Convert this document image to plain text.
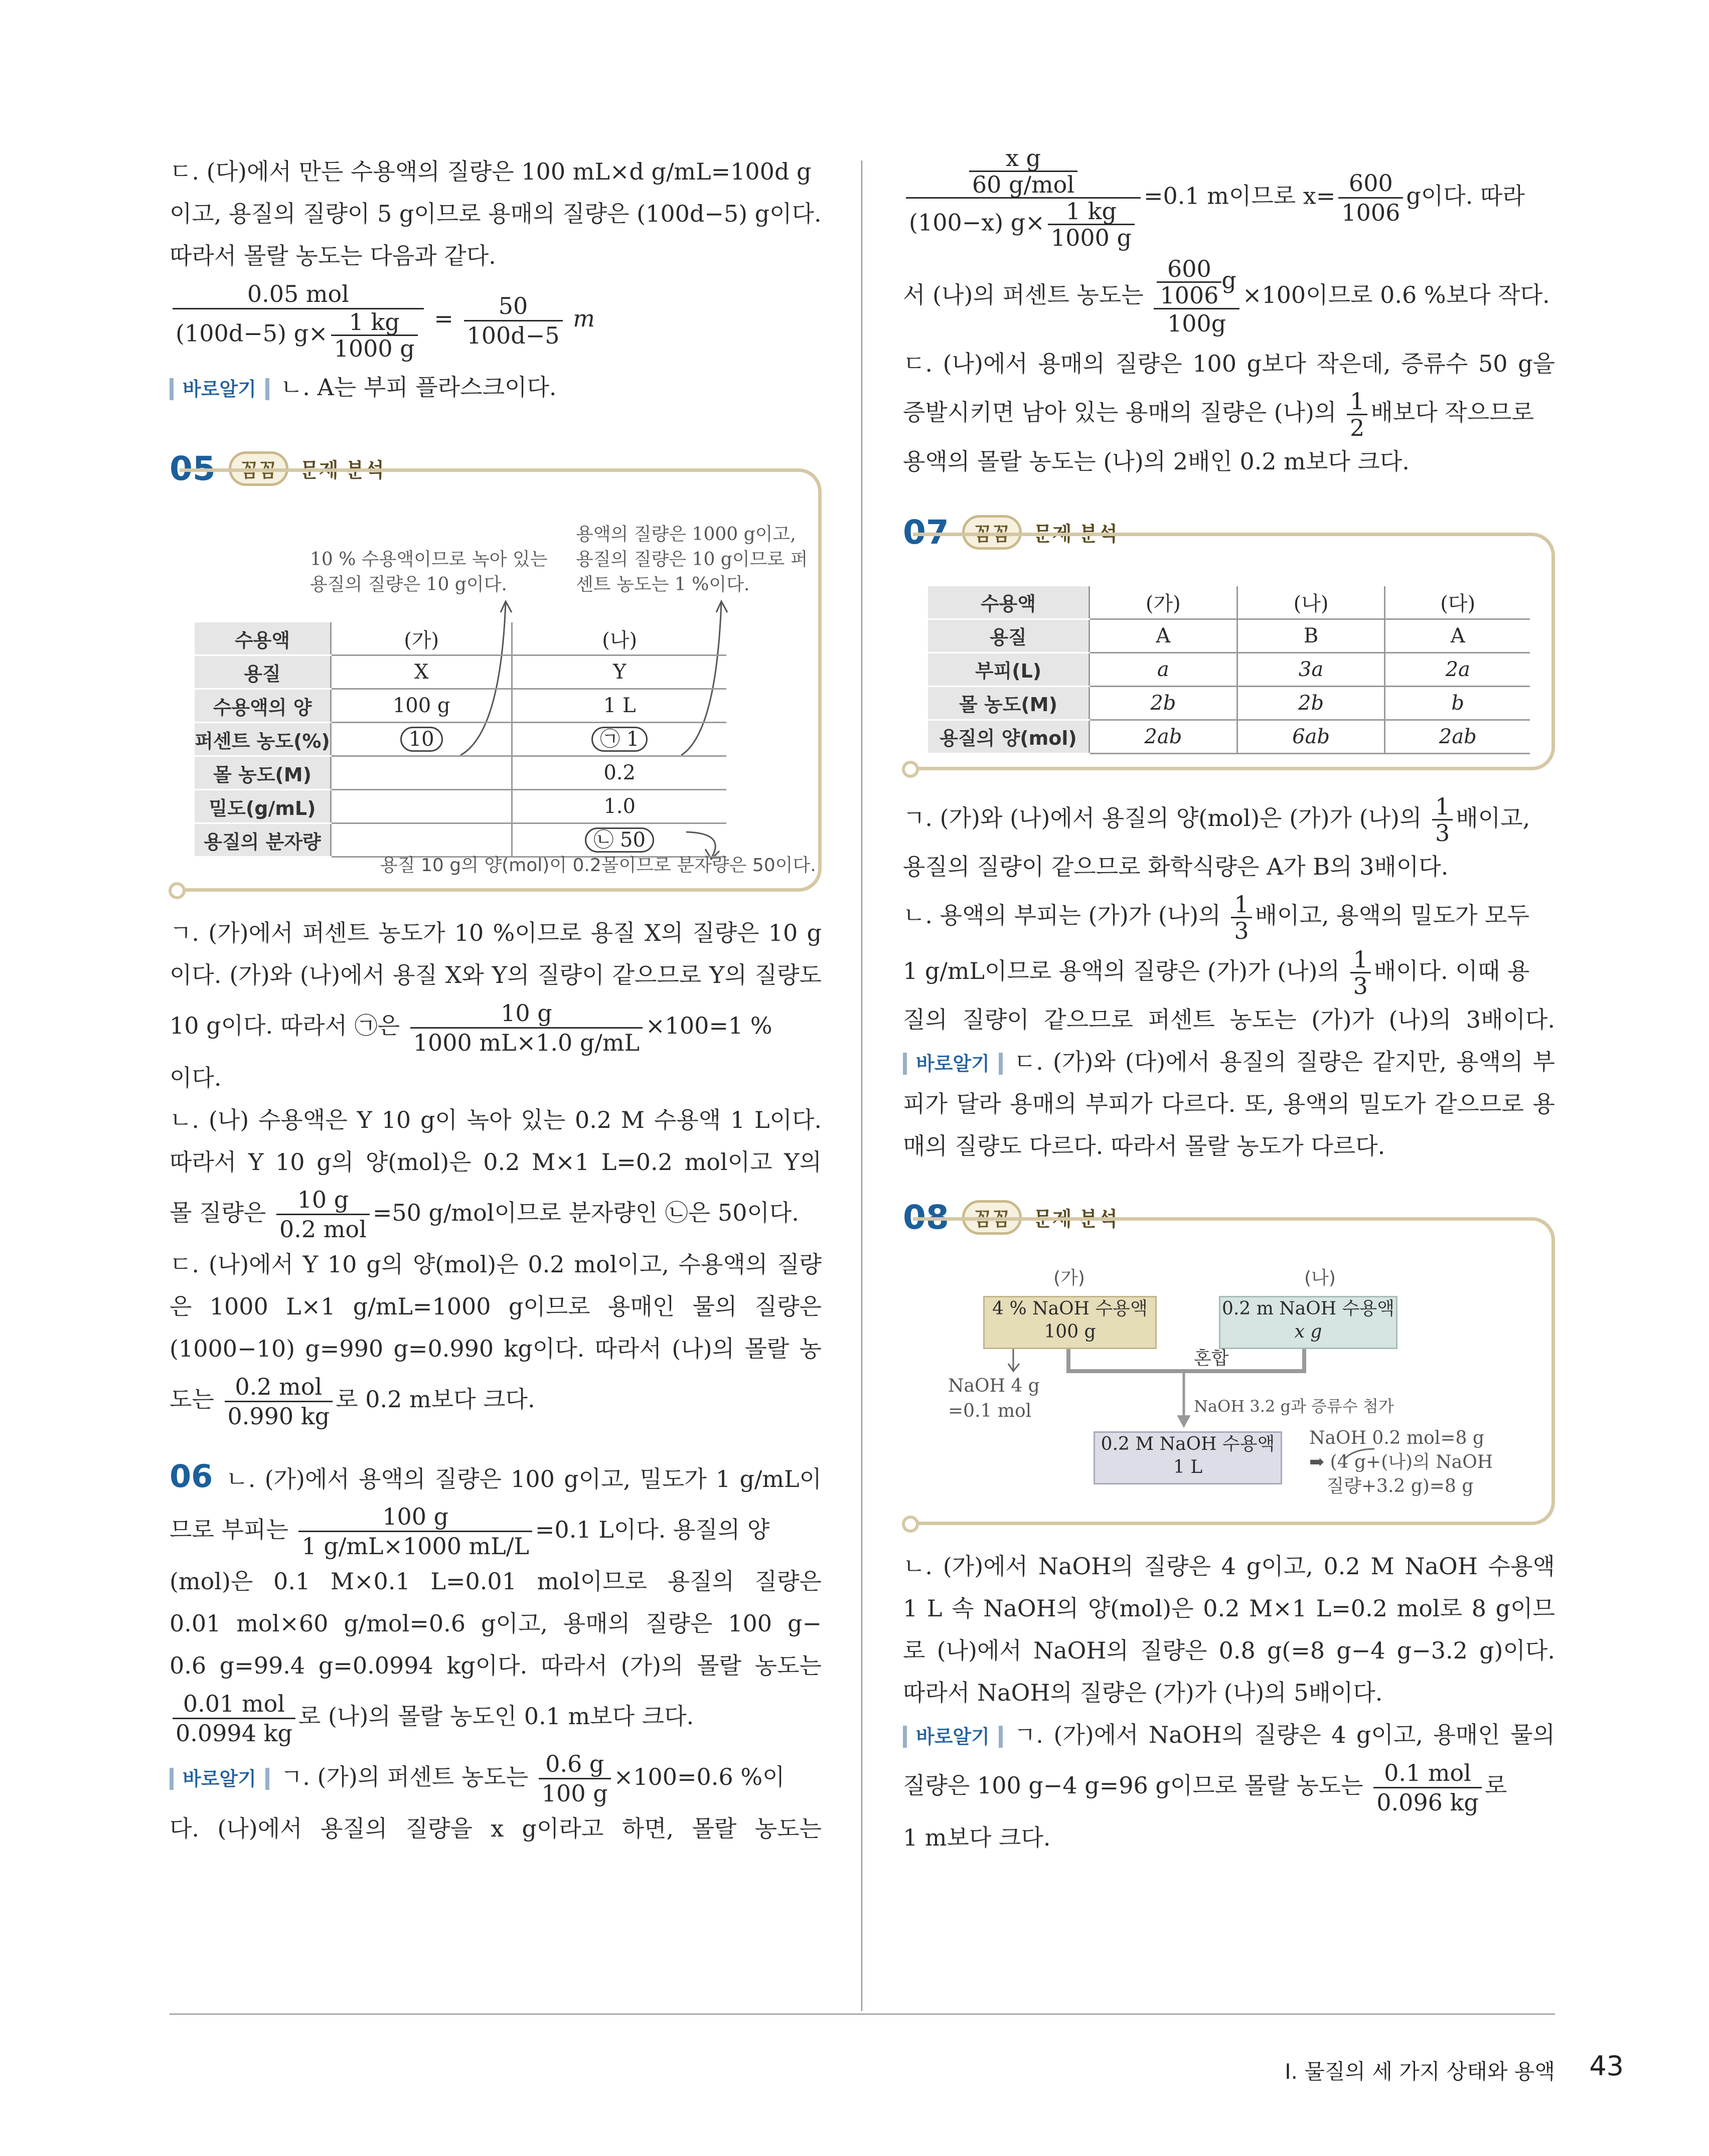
ㄷ. (다)에서 만든 수용액의 질량은 100 mL×d g/mL=100d g

이고, 용질의 질량이 5 g이므로 용매의 질량은 (100d−5) g이다.

따라서 몰랄 농도는 다음과 같다.

0.05 mol
(100d−5) $g\times \frac{1 kg}{1000 g} = \frac{50}{100d-5}$ m

바로알기 ㄴ. A는 부피 플라스크이다.

05	꼼꼼	문제 분석
10 % 수용액이므로 녹아 있는
용질의 질량은 10 g이다.
용액의 질량은 1000 g이고,
용질의 질량은 10 g이므로 퍼
센트 농도는 1 %이다.
수용액	(가)	(나)
용질	X	Y
수용액의 양	100 g	1 L
퍼센트 농도(%)	10	㉠ 1
몰 농도(M)		0.2
밀도(g/mL)		1.0
용질의 분자량		㉡ 50
용질 10 g의 양(mol)이 0.2몰이므로 분자량은 50이다.

ㄱ. (가)에서 퍼센트 농도가 10 %이므로 용질 X의 질량은 10 g

이다. (가)와 (나)에서 용질 X와 Y의 질량이 같으므로 Y의 질량도

10 g이다. 따라서 ㉠은 $\frac{10 g}{1000 mL\times 1.0 g/mL} \times 100=1$ %

이다.

ㄴ. (나) 수용액은 Y 10 g이 녹아 있는 0.2 M 수용액 1 L이다.

따라서 Y 10 g의 양(mol)은 0.2 M×1 L=0.2 mol이고 Y의

몰 질량은	10 g
0.2 mol
=50 g/mol이므로 분자량인 ㉡은 50이다.

ㄷ. (나)에서 Y 10 g의 양(mol)은 0.2 mol이고, 수용액의 질량

은 1000 L×1 g/mL=1000 g이므로 용매인 물의 질량은

(1000−10) g=990 g=0.990 kg이다. 따라서 (나)의 몰랄 농

도는 0.2 mol
0.990 kg
로 0.2 m보다 크다.

06 ㄴ. (가)에서 용액의 질량은 100 g이고, 밀도가 1 g/mL이

므로 부피는 $\frac{100 g}{1 g/mL\times 1000 mL/L} =0.1$ L이다. 용질의 양

(mol)은 0.1 M×0.1 L=0.01 mol이므로 용질의 질량은

0.01 mol×60 g/mol=0.6 g이고, 용매의 질량은 100 g−

0.6 g=99.4 g=0.0994 kg이다. 따라서 (가)의 몰랄 농도는

0.01 mol
0.0994 kg
로 (나)의 몰랄 농도인 0.1 m보다 크다.
바로알기 ㄱ. (가)의 퍼센트 농도는 $\frac{0.6 g}{100 g} \times 100=0.6$ %이

다. (나)에서 용질의 질량을 x g이라고 하면, 몰랄 농도는

x g
60 g/mol
(100−x) $g\times \frac{1 kg}{1000 g}$
=0.1 m이므로 $x= \frac{600}{1006}$ g이다. 따라
서 (나)의 퍼센트 농도는 $\frac{\frac{600}{1006} g}{100g} \times 100$이므로 0.6 %보다 작다.

ㄷ. (나)에서 용매의 질량은 100 g보다 작은데, 증류수 50 g을

증발시키면 남아 있는 용매의 질량은 (나)의 $\frac{1}{2}$ 배보다 작으므로

용액의 몰랄 농도는 (나)의 2배인 0.2 m보다 크다.

07	꼼꼼	문제 분석
수용액	(가)	(나)	(다)
용질	A	B	A
부피(L)	a	3a	2a
몰 농도(M)	2b	2b	b
용질의 양(mol)	2ab	6ab	2ab
ㄱ. (가)와 (나)에서 용질의 양(mol)은 (가)가 (나)의 $\frac{1}{3}$ 배이고,

용질의 질량이 같으므로 화학식량은 A가 B의 3배이다.

ㄴ. 용액의 부피는 (가)가 (나)의 $\frac{1}{3}$ 배이고, 용액의 밀도가 모두
1 g/mL이므로 용액의 질량은 (가)가 (나)의 $\frac{1}{3}$ 배이다. 이때 용

질의 질량이 같으므로 퍼센트 농도는 (가)가 (나)의 3배이다.

바로알기 ㄷ. (가)와 (다)에서 용질의 질량은 같지만, 용액의 부

피가 달라 용매의 부피가 다르다. 또, 용액의 밀도가 같으므로 용

매의 질량도 다르다. 따라서 몰랄 농도가 다르다.

08	꼼꼼	문제 분석
(가)	(나)
4 % NaOH 수용액
100 g
0.2 m NaOH 수용액
x g
혼합
NaOH 4 g
=0.1 mol	NaOH 3.2 g과 증류수 첨가
0.2 M NaOH 수용액
1 L
NaOH 0.2 mol=8 g
➡ (4 g+(나)의 NaOH
질량+3.2 g)=8 g

ㄴ. (가)에서 NaOH의 질량은 4 g이고, 0.2 M NaOH 수용액

1 L 속 NaOH의 양(mol)은 0.2 M×1 L=0.2 mol로 8 g이므

로 (나)에서 NaOH의 질량은 0.8 g(=8 g−4 g−3.2 g)이다.

따라서 NaOH의 질량은 (가)가 (나)의 5배이다.

바로알기 ㄱ. (가)에서 NaOH의 질량은 4 g이고, 용매인 물의

질량은 100 g−4 g=96 g이므로 몰랄 농도는 0.1 mol
0.096 kg
로

1 m보다 크다.

Ⅰ. 물질의 세 가지 상태와 용액 43
